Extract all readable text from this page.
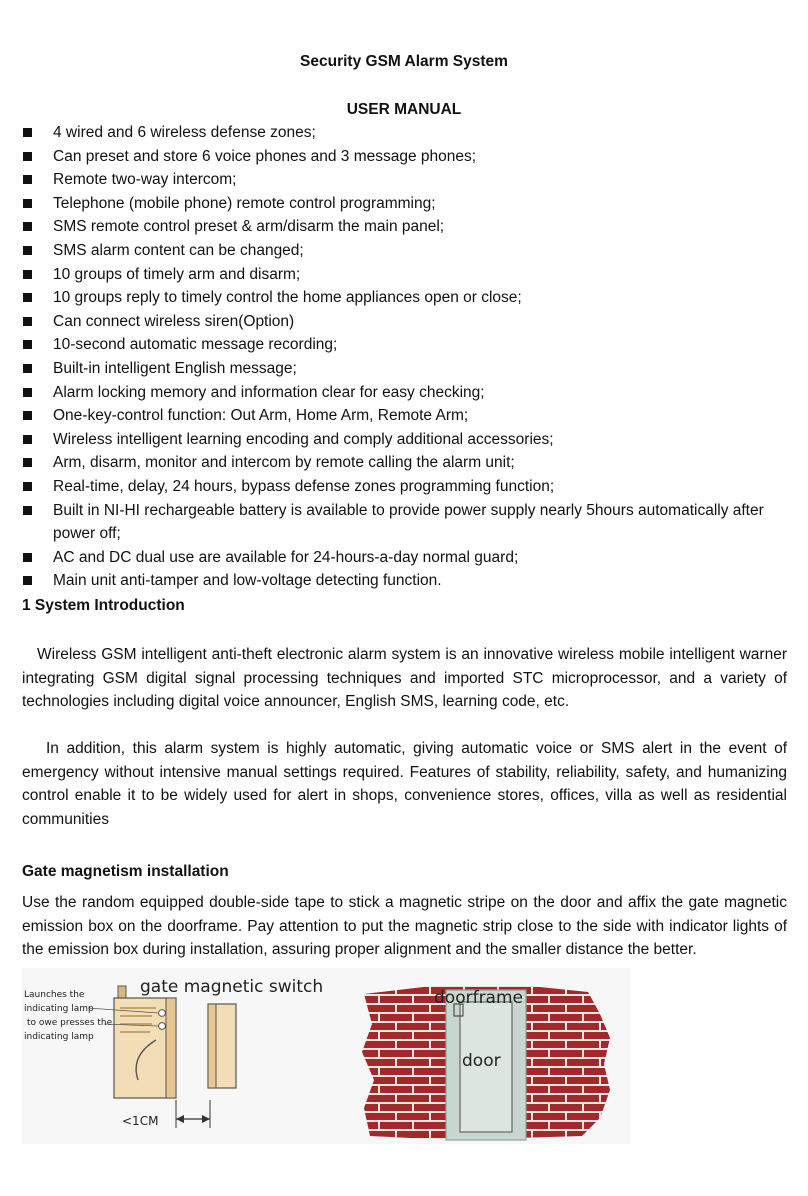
Security GSM Alarm System
USER MANUAL
4 wired and 6 wireless defense zones;
Can preset and store 6 voice phones and 3 message phones;
Remote two-way intercom;
Telephone (mobile phone) remote control programming;
SMS remote control preset & arm/disarm the main panel;
SMS alarm content can be changed;
10 groups of timely arm and disarm;
10 groups reply to timely control the home appliances open or close;
Can connect wireless siren(Option)
10-second automatic message recording;
Built-in intelligent English message;
Alarm locking memory and information clear for easy checking;
One-key-control function: Out Arm, Home Arm, Remote Arm;
Wireless intelligent learning encoding and comply additional accessories;
Arm, disarm, monitor and intercom by remote calling the alarm unit;
Real-time, delay, 24 hours, bypass defense zones programming function;
Built in NI-HI rechargeable battery is available to provide power supply nearly 5hours automatically after power off;
AC and DC dual use are available for 24-hours-a-day normal guard;
Main unit anti-tamper and low-voltage detecting function.
1 System Introduction

Wireless GSM intelligent anti-theft electronic alarm system is an innovative wireless mobile intelligent warner integrating GSM digital signal processing techniques and imported STC microprocessor, and a variety of technologies including digital voice announcer, English SMS, learning code, etc.

In addition, this alarm system is highly automatic, giving automatic voice or SMS alert in the event of emergency without intensive manual settings required. Features of stability, reliability, safety, and humanizing control enable it to be widely used for alert in shops, convenience stores, offices, villa as well as residential communities

Gate magnetism installation

Use the random equipped double-side tape to stick a magnetic stripe on the door and affix the gate magnetic emission box on the doorframe. Pay attention to put the magnetic strip close to the side with indicator lights of the emission box during installation, assuring proper alignment and the smaller distance the better.

gate magnetic switch
Launches the
indicating lamp
to owe presses the
indicating lamp
<1CM
doorframe
door
